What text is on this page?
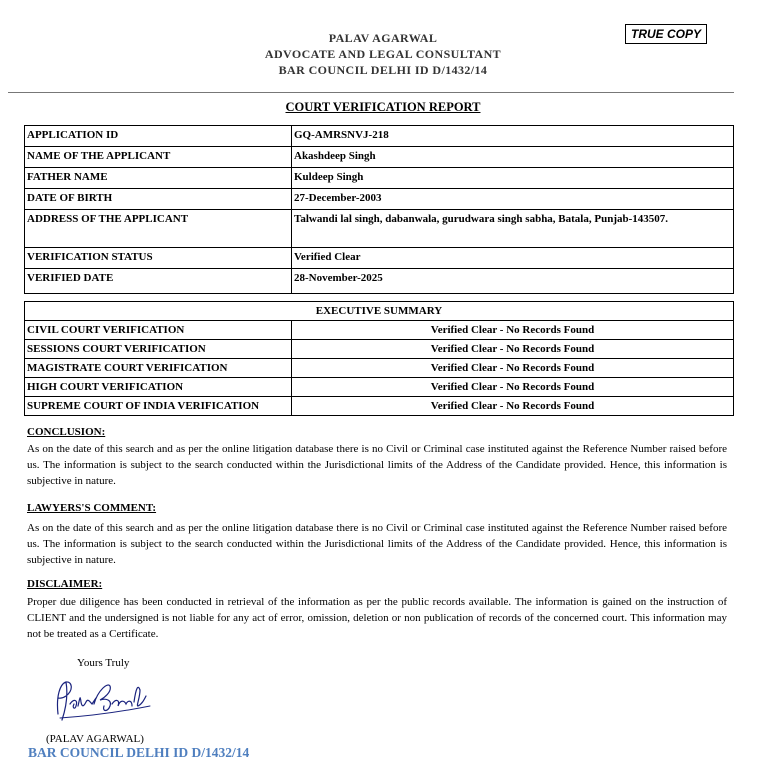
PALAV AGARWAL
ADVOCATE AND LEGAL CONSULTANT
BAR COUNCIL DELHI ID D/1432/14
TRUE COPY
COURT VERIFICATION REPORT
APPLICATION ID	GQ-AMRSNVJ-218
NAME OF THE APPLICANT	Akashdeep Singh
FATHER NAME	Kuldeep Singh
DATE OF BIRTH	27-December-2003
ADDRESS OF THE APPLICANT	Talwandi lal singh, dabanwala, gurudwara singh sabha, Batala, Punjab-143507.
VERIFICATION STATUS	Verified Clear
VERIFIED DATE	28-November-2025
EXECUTIVE SUMMARY	
CIVIL COURT VERIFICATION	Verified Clear - No Records Found
SESSIONS COURT VERIFICATION	Verified Clear - No Records Found
MAGISTRATE COURT VERIFICATION	Verified Clear - No Records Found
HIGH COURT VERIFICATION	Verified Clear - No Records Found
SUPREME COURT OF INDIA VERIFICATION	Verified Clear - No Records Found
CONCLUSION:
As on the date of this search and as per the online litigation database there is no Civil or Criminal case instituted against the Reference Number raised before us. The information is subject to the search conducted within the Jurisdictional limits of the Address of the Candidate provided. Hence, this information is subjective in nature.
LAWYERS'S COMMENT:
As on the date of this search and as per the online litigation database there is no Civil or Criminal case instituted against the Reference Number raised before us. The information is subject to the search conducted within the Jurisdictional limits of the Address of the Candidate provided. Hence, this information is subjective in nature.
DISCLAIMER:
Proper due diligence has been conducted in retrieval of the information as per the public records available. The information is gained on the instruction of CLIENT and the undersigned is not liable for any act of error, omission, deletion or non publication of records of the concerned court. This information may not be treated as a Certificate.
Yours Truly
(PALAV AGARWAL)
BAR COUNCIL DELHI ID D/1432/14
